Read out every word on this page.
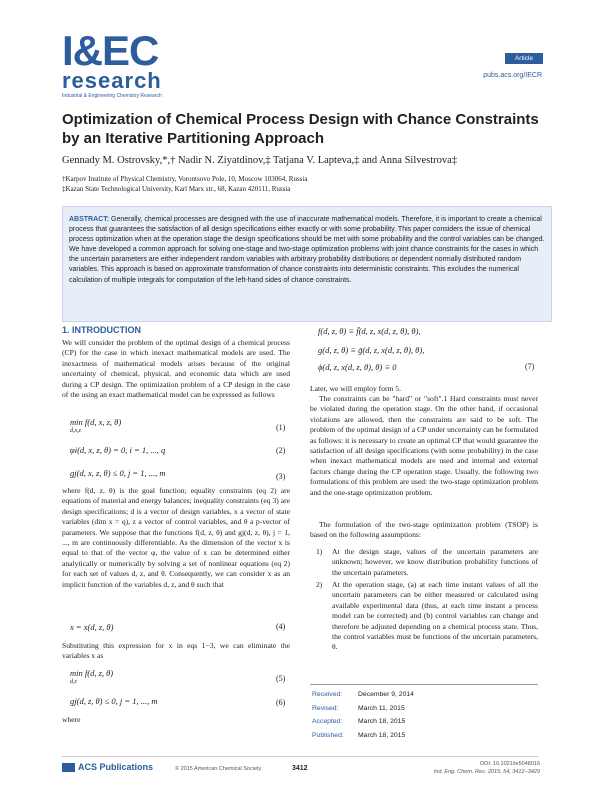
I&EC
research
Industrial & Engineering Chemistry Research
Article
pubs.acs.org/IECR
Optimization of Chemical Process Design with Chance Constraints by an Iterative Partitioning Approach
Gennady M. Ostrovsky,*,† Nadir N. Ziyatdinov,‡ Tatjana V. Lapteva,‡ and Anna Silvestrova‡
†Karpov Institute of Physical Chemistry, Vorontsovo Pole, 10, Moscow 103064, Russia
‡Kazan State Technological University, Karl Marx str., 68, Kazan 420111, Russia
ABSTRACT: Generally, chemical processes are designed with the use of inaccurate mathematical models. Therefore, it is important to create a chemical process that guarantees the satisfaction of all design specifications either exactly or with some probability. This paper considers the issue of chemical process optimization when at the operation stage the design specifications should be met with some probability and the control variables can be changed. We have developed a common approach for solving one-stage and two-stage optimization problems with joint chance constraints for the cases in which the uncertain parameters are either independent random variables with arbitrary probability distributions or dependent normally distributed random variables. This approach is based on approximate transformation of chance constraints into deterministic constraints. This excludes the numerical calculation of multiple integrals for computation of the left-hand sides of chance constraints.
1. INTRODUCTION
We will consider the problem of the optimal design of a chemical process (CP) for the case in which inexact mathematical models are used. The inexactness of mathematical models arises because of the original uncertainty of chemical, physical, and economic data which are used during a CP design. The optimization problem of a CP design in the case of the using an exact mathematical model can be expressed as follows
min f(d, x, z, θ)
d,x,z	(1)
φi(d, x, z, θ) = 0, i = 1, ..., q	(2)
gj(d, x, z, θ) ≤ 0, j = 1, ..., m	(3)
where f(d, z, θ) is the goal function; equality constraints (eq 2) are equations of material and energy balances; inequality constraints (eq 3) are design specifications; d is a vector of design variables, x a vector of state variables (dim x = q), z a vector of control variables, and θ a p-vector of parameters. We suppose that the functions f(d, z, θ) and gj(d, z, θ), j = 1, ..., m are continuously differentiable. As the dimension of the vector x is equal to that of the vector φ, the value of x can be determined either analytically or numerically by solving a set of nonlinear equations (eq 2) for each set of values d, z, and θ. Consequently, we can consider x as an implicit function of the variables d, z, and θ such that
x = x(d, z, θ)	(4)
Substituting this expression for x in eqs 1−3, we can eliminate the variables x as
min f(d, z, θ)
d,z	(5)
gj(d, z, θ) ≤ 0, j = 1, ..., m	(6)
where
f(d, z, θ) ≡ f̄(d, z, x(d, z, θ), θ),
g(d, z, θ) ≡ ḡ(d, z, x(d, z, θ), θ),
ϕ(d, z, x(d, z, θ), θ) ≡ 0	(7)
Later, we will employ form 5.
The constraints can be "hard" or "soft".1 Hard constraints must never be violated during the operation stage. On the other hand, if occasional violations are allowed, then the constraints are said to be soft. The problem of the optimal design of a CP under uncertainty can be formulated as follows: it is necessary to create an optimal CP that would guarantee the satisfaction of all design specifications (with some probability) in the case when inexact mathematical models are used and internal and external factors change during the CP operation stage. Usually, the following two formulations of this problem are used: the two-stage optimization problem and the one-stage optimization problem.
The formulation of the two-stage optimization problem (TSOP) is based on the following assumptions:
1) At the design stage, values of the uncertain parameters are unknown; however, we know distribution probability functions of the uncertain parameters.
2) At the operation stage, (a) at each time instant values of all the uncertain parameters can be either measured or calculated using available experimental data (thus, at each time instant a process model can be corrected) and (b) control variables can change and therefore be adjusted depending on a chemical process state. Thus, the control variables must be functions of the uncertain parameters, θ.
Received: December 9, 2014
Revised:	March 11, 2015
Accepted: March 18, 2015
Published: March 18, 2015
ACS Publications	© 2015 American Chemical Society	3412
DOI: 10.1021/ie5048016
Ind. Eng. Chem. Res. 2015, 54, 3412−3429
